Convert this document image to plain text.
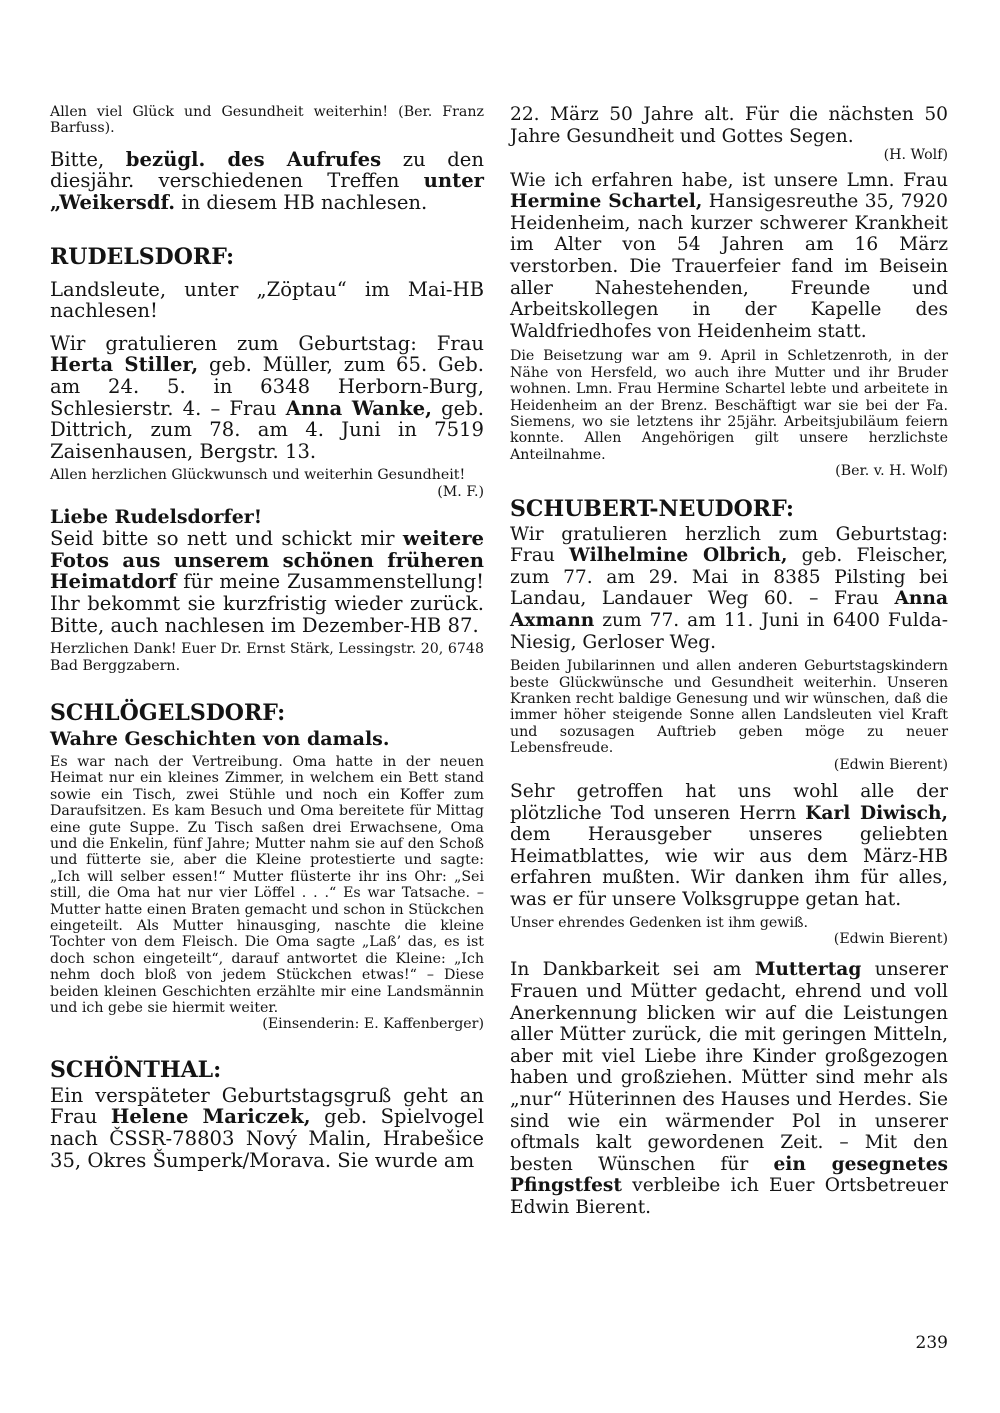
Allen viel Glück und Gesundheit weiterhin! (Ber. Franz Barfuss).

Bitte, bezügl. des Aufrufes zu den diesjähr. verschiedenen Treffen unter „Weikersdf. in diesem HB nachlesen.

RUDELSDORF:

Landsleute, unter „Zöptau“ im Mai-HB nachlesen!

Wir gratulieren zum Geburtstag: Frau Herta Stiller, geb. Müller, zum 65. Geb. am 24. 5. in 6348 Herborn-Burg, Schlesierstr. 4. – Frau Anna Wanke, geb. Dittrich, zum 78. am 4. Juni in 7519 Zaisenhausen, Bergstr. 13.

Allen herzlichen Glückwunsch und weiterhin Gesundheit!

(M. F.)

Liebe Rudelsdorfer!

Seid bitte so nett und schickt mir weitere Fotos aus unserem schönen früheren Heimatdorf für meine Zusammenstellung! Ihr bekommt sie kurzfristig wieder zurück. Bitte, auch nachlesen im Dezember-HB 87.

Herzlichen Dank! Euer Dr. Ernst Stärk, Lessingstr. 20, 6748 Bad Berggzabern.

SCHLÖGELSDORF:
Wahre Geschichten von damals.

Es war nach der Vertreibung. Oma hatte in der neuen Heimat nur ein kleines Zimmer, in welchem ein Bett stand sowie ein Tisch, zwei Stühle und noch ein Koffer zum Daraufsitzen. Es kam Besuch und Oma bereitete für Mittag eine gute Suppe. Zu Tisch saßen drei Erwachsene, Oma und die Enkelin, fünf Jahre; Mutter nahm sie auf den Schoß und fütterte sie, aber die Kleine protestierte und sagte: „Ich will selber essen!“ Mutter flüsterte ihr ins Ohr: „Sei still, die Oma hat nur vier Löffel . . .“ Es war Tatsache. – Mutter hatte einen Braten gemacht und schon in Stückchen eingeteilt. Als Mutter hinausging, naschte die kleine Tochter von dem Fleisch. Die Oma sagte „Laß’ das, es ist doch schon eingeteilt“, darauf antwortet die Kleine: „Ich nehm doch bloß von jedem Stückchen etwas!“ – Diese beiden kleinen Geschichten erzählte mir eine Landsmännin und ich gebe sie hiermit weiter.

(Einsenderin: E. Kaffenberger)

SCHÖNTHAL:

Ein verspäteter Geburtstagsgruß geht an Frau Helene Mariczek, geb. Spielvogel nach ČSSR-78803 Nový Malin, Hrabešice 35, Okres Šumperk/Morava. Sie wurde am

22. März 50 Jahre alt. Für die nächsten 50 Jahre Gesundheit und Gottes Segen.

(H. Wolf)

Wie ich erfahren habe, ist unsere Lmn. Frau Hermine Schartel, Hansigesreuthe 35, 7920 Heidenheim, nach kurzer schwerer Krankheit im Alter von 54 Jahren am 16 März verstorben. Die Trauerfeier fand im Beisein aller Nahestehenden, Freunde und Arbeitskollegen in der Kapelle des Waldfriedhofes von Heidenheim statt.

Die Beisetzung war am 9. April in Schletzenroth, in der Nähe von Hersfeld, wo auch ihre Mutter und ihr Bruder wohnen. Lmn. Frau Hermine Schartel lebte und arbeitete in Heidenheim an der Brenz. Beschäftigt war sie bei der Fa. Siemens, wo sie letztens ihr 25jähr. Arbeitsjubiläum feiern konnte. Allen Angehörigen gilt unsere herzlichste Anteilnahme.

(Ber. v. H. Wolf)

SCHUBERT-NEUDORF:

Wir gratulieren herzlich zum Geburtstag: Frau Wilhelmine Olbrich, geb. Fleischer, zum 77. am 29. Mai in 8385 Pilsting bei Landau, Landauer Weg 60. – Frau Anna Axmann zum 77. am 11. Juni in 6400 Fulda-Niesig, Gerloser Weg.

Beiden Jubilarinnen und allen anderen Geburtstagskindern beste Glückwünsche und Gesundheit weiterhin. Unseren Kranken recht baldige Genesung und wir wünschen, daß die immer höher steigende Sonne allen Landsleuten viel Kraft und sozusagen Auftrieb geben möge zu neuer Lebensfreude.

(Edwin Bierent)

Sehr getroffen hat uns wohl alle der plötzliche Tod unseren Herrn Karl Diwisch, dem Herausgeber unseres geliebten Heimatblattes, wie wir aus dem März-HB erfahren mußten. Wir danken ihm für alles, was er für unsere Volksgruppe getan hat.

Unser ehrendes Gedenken ist ihm gewiß.

(Edwin Bierent)

In Dankbarkeit sei am Muttertag unserer Frauen und Mütter gedacht, ehrend und voll Anerkennung blicken wir auf die Leistungen aller Mütter zurück, die mit geringen Mitteln, aber mit viel Liebe ihre Kinder großgezogen haben und großziehen. Mütter sind mehr als „nur“ Hüterinnen des Hauses und Herdes. Sie sind wie ein wärmender Pol in unserer oftmals kalt gewordenen Zeit. – Mit den besten Wünschen für ein gesegnetes Pfingstfest verbleibe ich Euer Ortsbetreuer Edwin Bierent.

239
